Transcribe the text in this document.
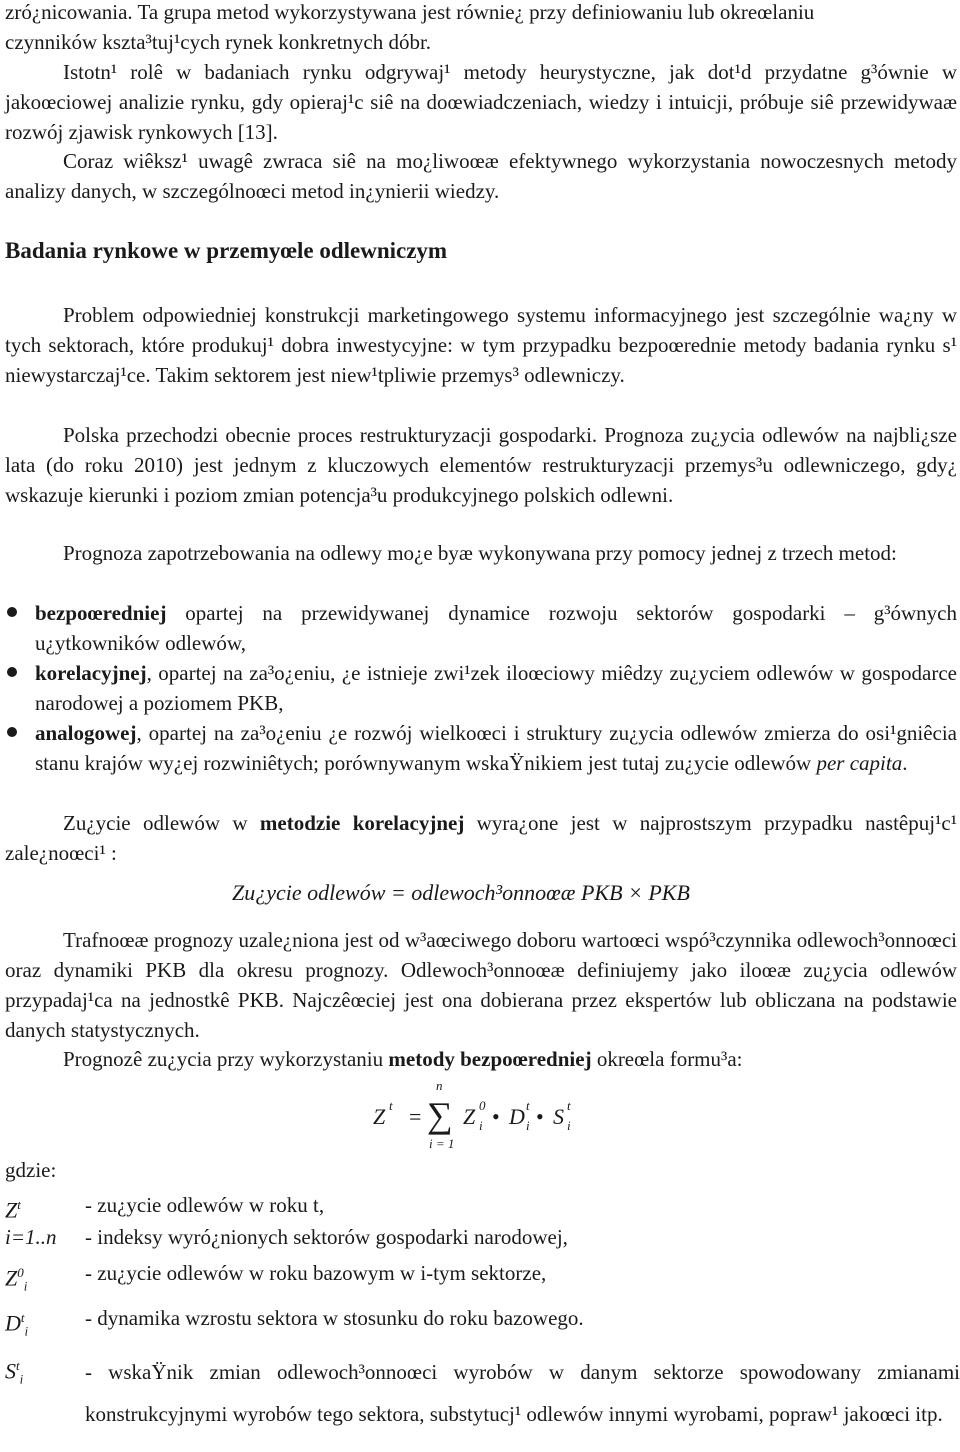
zró¿nicowania. Ta grupa metod wykorzystywana jest równie¿ przy definiowaniu lub okreœlaniu

czynników kszta³tuj¹cych rynek konkretnych dóbr.

Istotn¹ rolê w badaniach rynku odgrywaj¹ metody heurystyczne, jak dot¹d przydatne g³ównie w jakoœciowej analizie rynku, gdy opieraj¹c siê na doœwiadczeniach, wiedzy i intuicji, próbuje siê przewidywaæ rozwój zjawisk rynkowych [13].

Coraz wiêksz¹ uwagê zwraca siê na mo¿liwoœæ efektywnego wykorzystania nowoczesnych metody analizy danych, w szczególnoœci metod in¿ynierii wiedzy.

Badania rynkowe w przemyœle odlewniczym

Problem odpowiedniej konstrukcji marketingowego systemu informacyjnego jest szczególnie wa¿ny w tych sektorach, które produkuj¹ dobra inwestycyjne: w tym przypadku bezpoœrednie metody badania rynku s¹ niewystarczaj¹ce. Takim sektorem jest niew¹tpliwie przemys³ odlewniczy.

Polska przechodzi obecnie proces restrukturyzacji gospodarki. Prognoza zu¿ycia odlewów na najbli¿sze lata (do roku 2010) jest jednym z kluczowych elementów restrukturyzacji przemys³u odlewniczego, gdy¿ wskazuje kierunki i poziom zmian potencja³u produkcyjnego polskich odlewni.

Prognoza zapotrzebowania na odlewy mo¿e byæ wykonywana przy pomocy jednej z trzech metod:

bezpoœredniej opartej na przewidywanej dynamice rozwoju sektorów gospodarki – g³ównych u¿ytkowników odlewów,
korelacyjnej, opartej na za³o¿eniu, ¿e istnieje zwi¹zek iloœciowy miêdzy zu¿yciem odlewów w gospodarce narodowej a poziomem PKB,
analogowej, opartej na za³o¿eniu ¿e rozwój wielkoœci i struktury zu¿ycia odlewów zmierza do osi¹gniêcia stanu krajów wy¿ej rozwiniêtych; porównywanym wskaŸnikiem jest tutaj zu¿ycie odlewów per capita.

Zu¿ycie odlewów w metodzie korelacyjnej wyra¿one jest w najprostszym przypadku nastêpuj¹c¹ zale¿noœci¹ :

Zu¿ycie odlewów = odlewoch³onnoœæ PKB × PKB

Trafnoœæ prognozy uzale¿niona jest od w³aœciwego doboru wartoœci wspó³czynnika odlewoch³onnoœci oraz dynamiki PKB dla okresu prognozy. Odlewoch³onnoœæ definiujemy jako iloœæ zu¿ycia odlewów przypadaj¹ca na jednostkê PKB. Najczêœciej jest ona dobierana przez ekspertów lub obliczana na podstawie danych statystycznych.

Prognozê zu¿ycia przy wykorzystaniu metody bezpoœredniej okreœla formu³a:

Z t =
n
∑
i = 1
Z 0
i • D t
i • S t
i
gdzie:
$Z^t$	- zu¿ycie odlewów w roku t,
i=1..n - indeksy wyró¿nionych sektorów gospodarki narodowej,
$Z^0_i$
- zu¿ycie odlewów w roku bazowym w i-tym sektorze,
$D^t_i$
- dynamika wzrostu sektora w stosunku do roku bazowego.
$S^t_i$	- wskaŸnik zmian odlewoch³onnoœci wyrobów w danym sektorze spowodowany zmianami konstrukcyjnymi wyrobów tego sektora, substytucj¹ odlewów innymi wyrobami, popraw¹ jakoœci itp.
